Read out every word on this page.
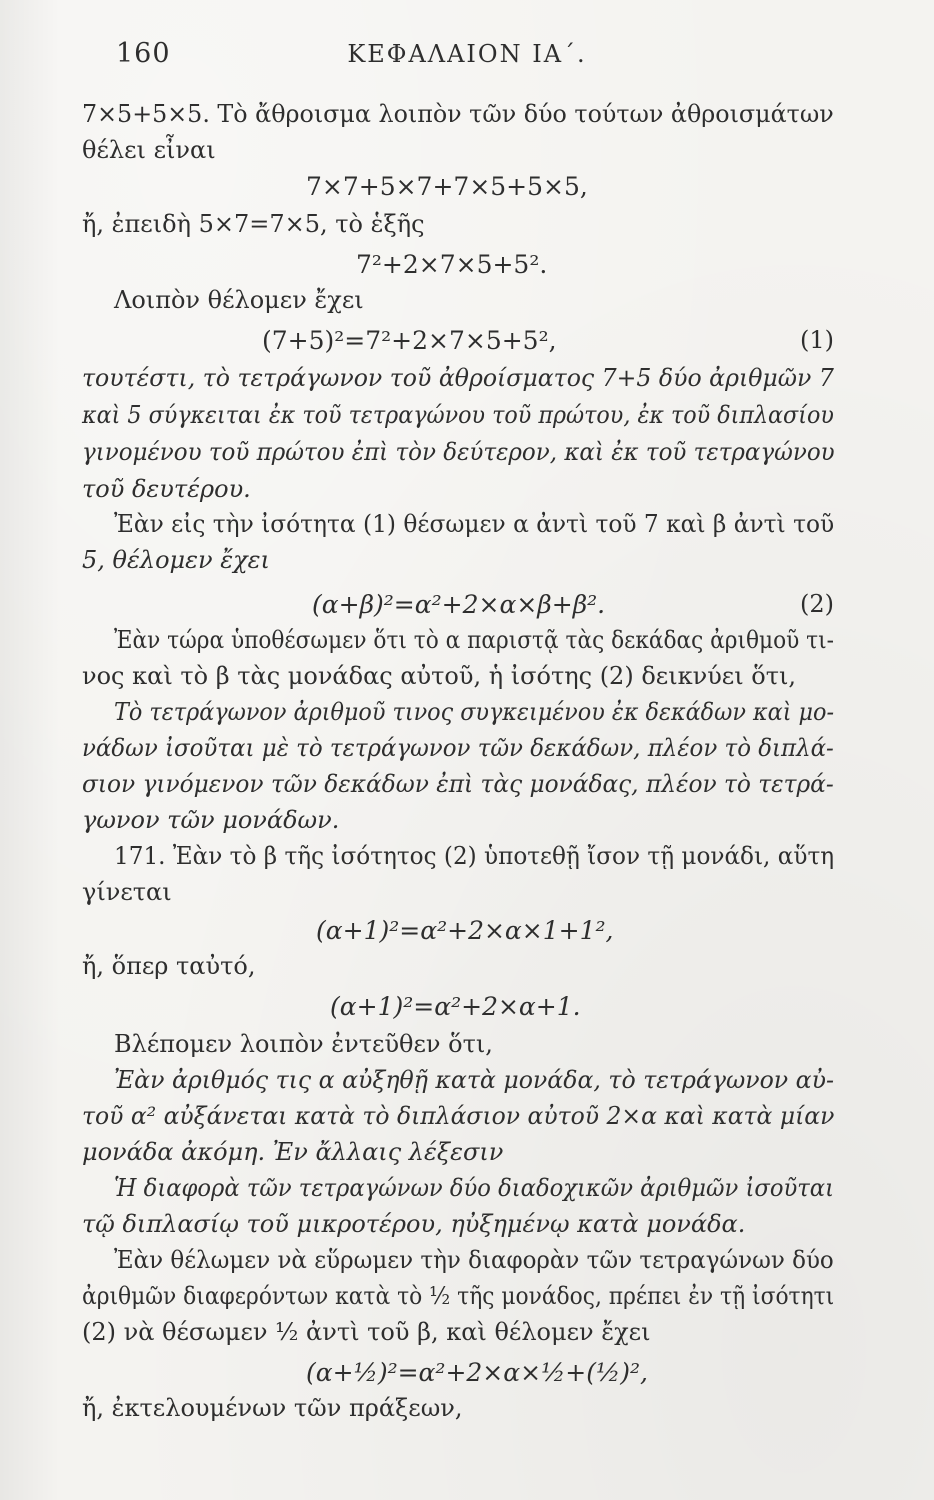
160	ΚΕΦΑΛΑΙΟΝ ΙΑ΄.
7×5+5×5. Τὸ ἄθροισμα λοιπὸν τῶν δύο τούτων ἀθροισμάτων
θέλει εἶναι
7×7+5×7+7×5+5×5,
ἤ, ἐπειδὴ 5×7=7×5, τὸ ἑξῆς
7²+2×7×5+5².
Λοιπὸν θέλομεν ἔχει
(7+5)²=7²+2×7×5+5²,	(1)
τουτέστι, τὸ τετράγωνον τοῦ ἀθροίσματος 7+5 δύο ἀριθμῶν 7
καὶ 5 σύγκειται ἐκ τοῦ τετραγώνου τοῦ πρώτου, ἐκ τοῦ διπλασίου
γινομένου τοῦ πρώτου ἐπὶ τὸν δεύτερον, καὶ ἐκ τοῦ τετραγώνου
τοῦ δευτέρου.
Ἐὰν εἰς τὴν ἰσότητα (1) θέσωμεν α ἀντὶ τοῦ 7 καὶ β ἀντὶ τοῦ
5, θέλομεν ἔχει
(α+β)²=α²+2×α×β+β².	(2)
Ἐὰν τώρα ὑποθέσωμεν ὅτι τὸ α παριστᾷ τὰς δεκάδας ἀριθμοῦ τι-
νος καὶ τὸ β τὰς μονάδας αὐτοῦ, ἡ ἰσότης (2) δεικνύει ὅτι,
Τὸ τετράγωνον ἀριθμοῦ τινος συγκειμένου ἐκ δεκάδων καὶ μο-
νάδων ἰσοῦται μὲ τὸ τετράγωνον τῶν δεκάδων, πλέον τὸ διπλά-
σιον γινόμενον τῶν δεκάδων ἐπὶ τὰς μονάδας, πλέον τὸ τετρά-
γωνον τῶν μονάδων.
171. Ἐὰν τὸ β τῆς ἰσότητος (2) ὑποτεθῇ ἴσον τῇ μονάδι, αὕτη
γίνεται
(α+1)²=α²+2×α×1+1²,
ἤ, ὅπερ ταὐτό,
(α+1)²=α²+2×α+1.
Βλέπομεν λοιπὸν ἐντεῦθεν ὅτι,
Ἐὰν ἀριθμός τις α αὐξηθῇ κατὰ μονάδα, τὸ τετράγωνον αὐ-
τοῦ α² αὐξάνεται κατὰ τὸ διπλάσιον αὐτοῦ 2×α καὶ κατὰ μίαν
μονάδα ἀκόμη. Ἐν ἄλλαις λέξεσιν
Ἡ διαφορὰ τῶν τετραγώνων δύο διαδοχικῶν ἀριθμῶν ἰσοῦται
τῷ διπλασίῳ τοῦ μικροτέρου, ηὐξημένῳ κατὰ μονάδα.
Ἐὰν θέλωμεν νὰ εὕρωμεν τὴν διαφορὰν τῶν τετραγώνων δύο
ἀριθμῶν διαφερόντων κατὰ τὸ ½ τῆς μονάδος, πρέπει ἐν τῇ ἰσότητι
(2) νὰ θέσωμεν ½ ἀντὶ τοῦ β, καὶ θέλομεν ἔχει
(α+½)²=α²+2×α×½+(½)²,
ἤ, ἐκτελουμένων τῶν πράξεων,
